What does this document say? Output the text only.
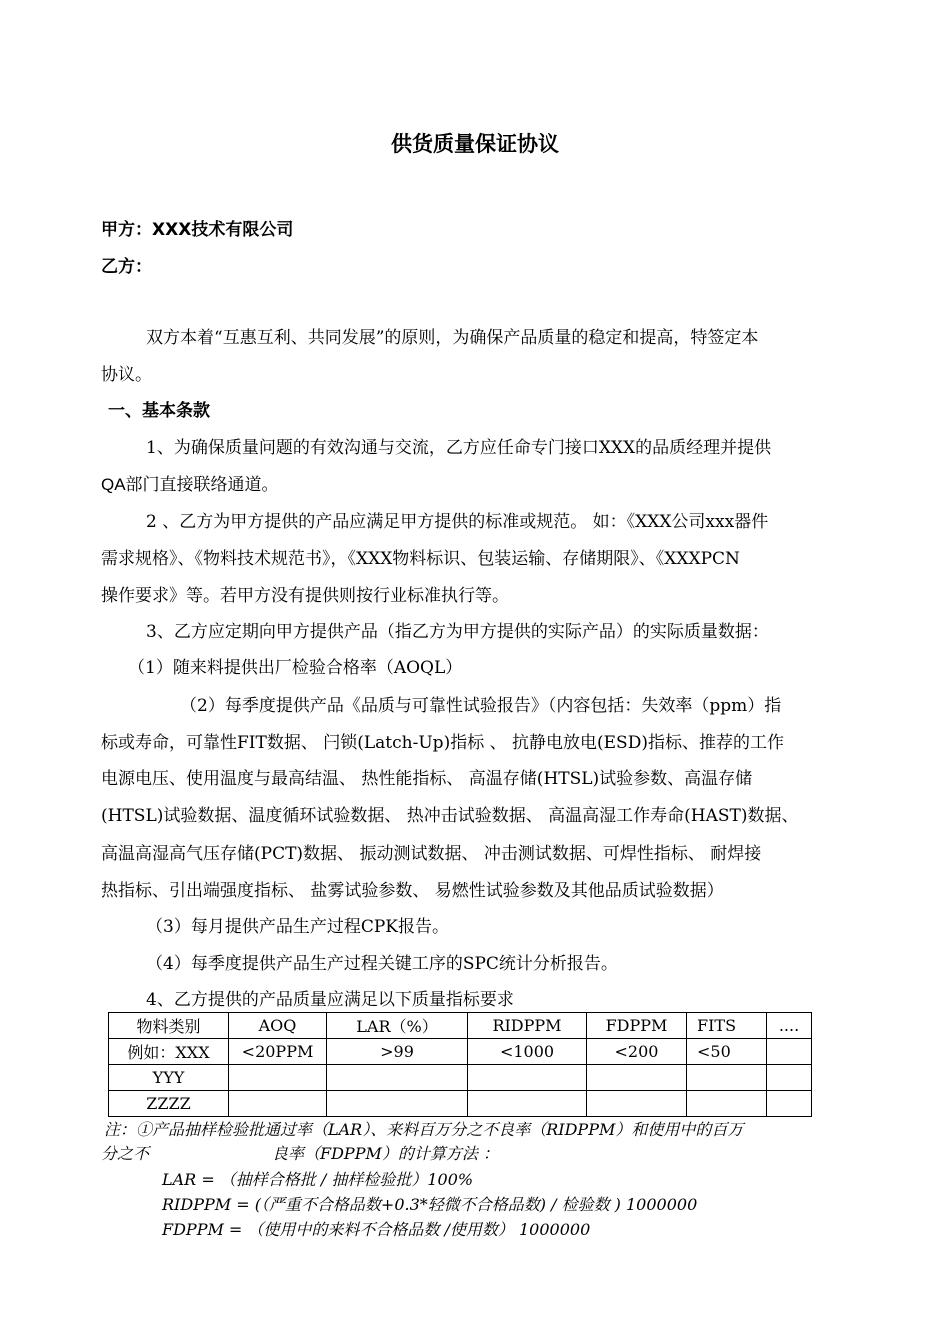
供货质量保证协议
甲方：XXX技术有限公司
乙方：
双方本着“互惠互利、共同发展”的原则，为确保产品质量的稳定和提高，特签定本
协议。
一、基本条款
1、为确保质量问题的有效沟通与交流，乙方应任命专门接口XXX的品质经理并提供
QA部门直接联络通道。
2 、乙方为甲方提供的产品应满足甲方提供的标准或规范。 如：《XXX公司xxx器件
需求规格》、《物料技术规范书》，《XXX物料标识、包装运输、存储期限》、《XXXPCN
操作要求》等。若甲方没有提供则按行业标准执行等。
3、乙方应定期向甲方提供产品（指乙方为甲方提供的实际产品）的实际质量数据：
（1）随来料提供出厂检验合格率（AOQL）
（2）每季度提供产品《品质与可靠性试验报告》（内容包括：失效率（ppm）指
标或寿命，可靠性FIT数据、 闩锁(Latch-Up)指标 、 抗静电放电(ESD)指标、推荐的工作
电源电压、使用温度与最高结温、 热性能指标、 高温存储(HTSL)试验参数、高温存储
(HTSL)试验数据、温度循环试验数据、 热冲击试验数据、 高温高湿工作寿命(HAST)数据、
高温高湿高气压存储(PCT)数据、 振动测试数据、 冲击测试数据、可焊性指标、 耐焊接
热指标、引出端强度指标、 盐雾试验参数、 易燃性试验参数及其他品质试验数据）
（3）每月提供产品生产过程CPK报告。
（4）每季度提供产品生产过程关键工序的SPC统计分析报告。
4、乙方提供的产品质量应满足以下质量指标要求
物料类别	AOQ	LAR（%）	RIDPPM	FDPPM	FITS	....
例如：XXX	<20PPM	>99	<1000	<200	<50	
YYY						
ZZZZ						
注：①产品抽样检验批通过率（LAR）、来料百万分之不良率（RIDPPM）和使用中的百万
分之不	良率（FDPPM）的计算方法 ：
LAR = （抽样合格批 / 抽样检验批）100%
RIDPPM = (（严重不合格品数+0.3*轻微不合格品数) / 检验数 ) 1000000
FDPPM = （使用中的来料不合格品数 /使用数） 1000000
